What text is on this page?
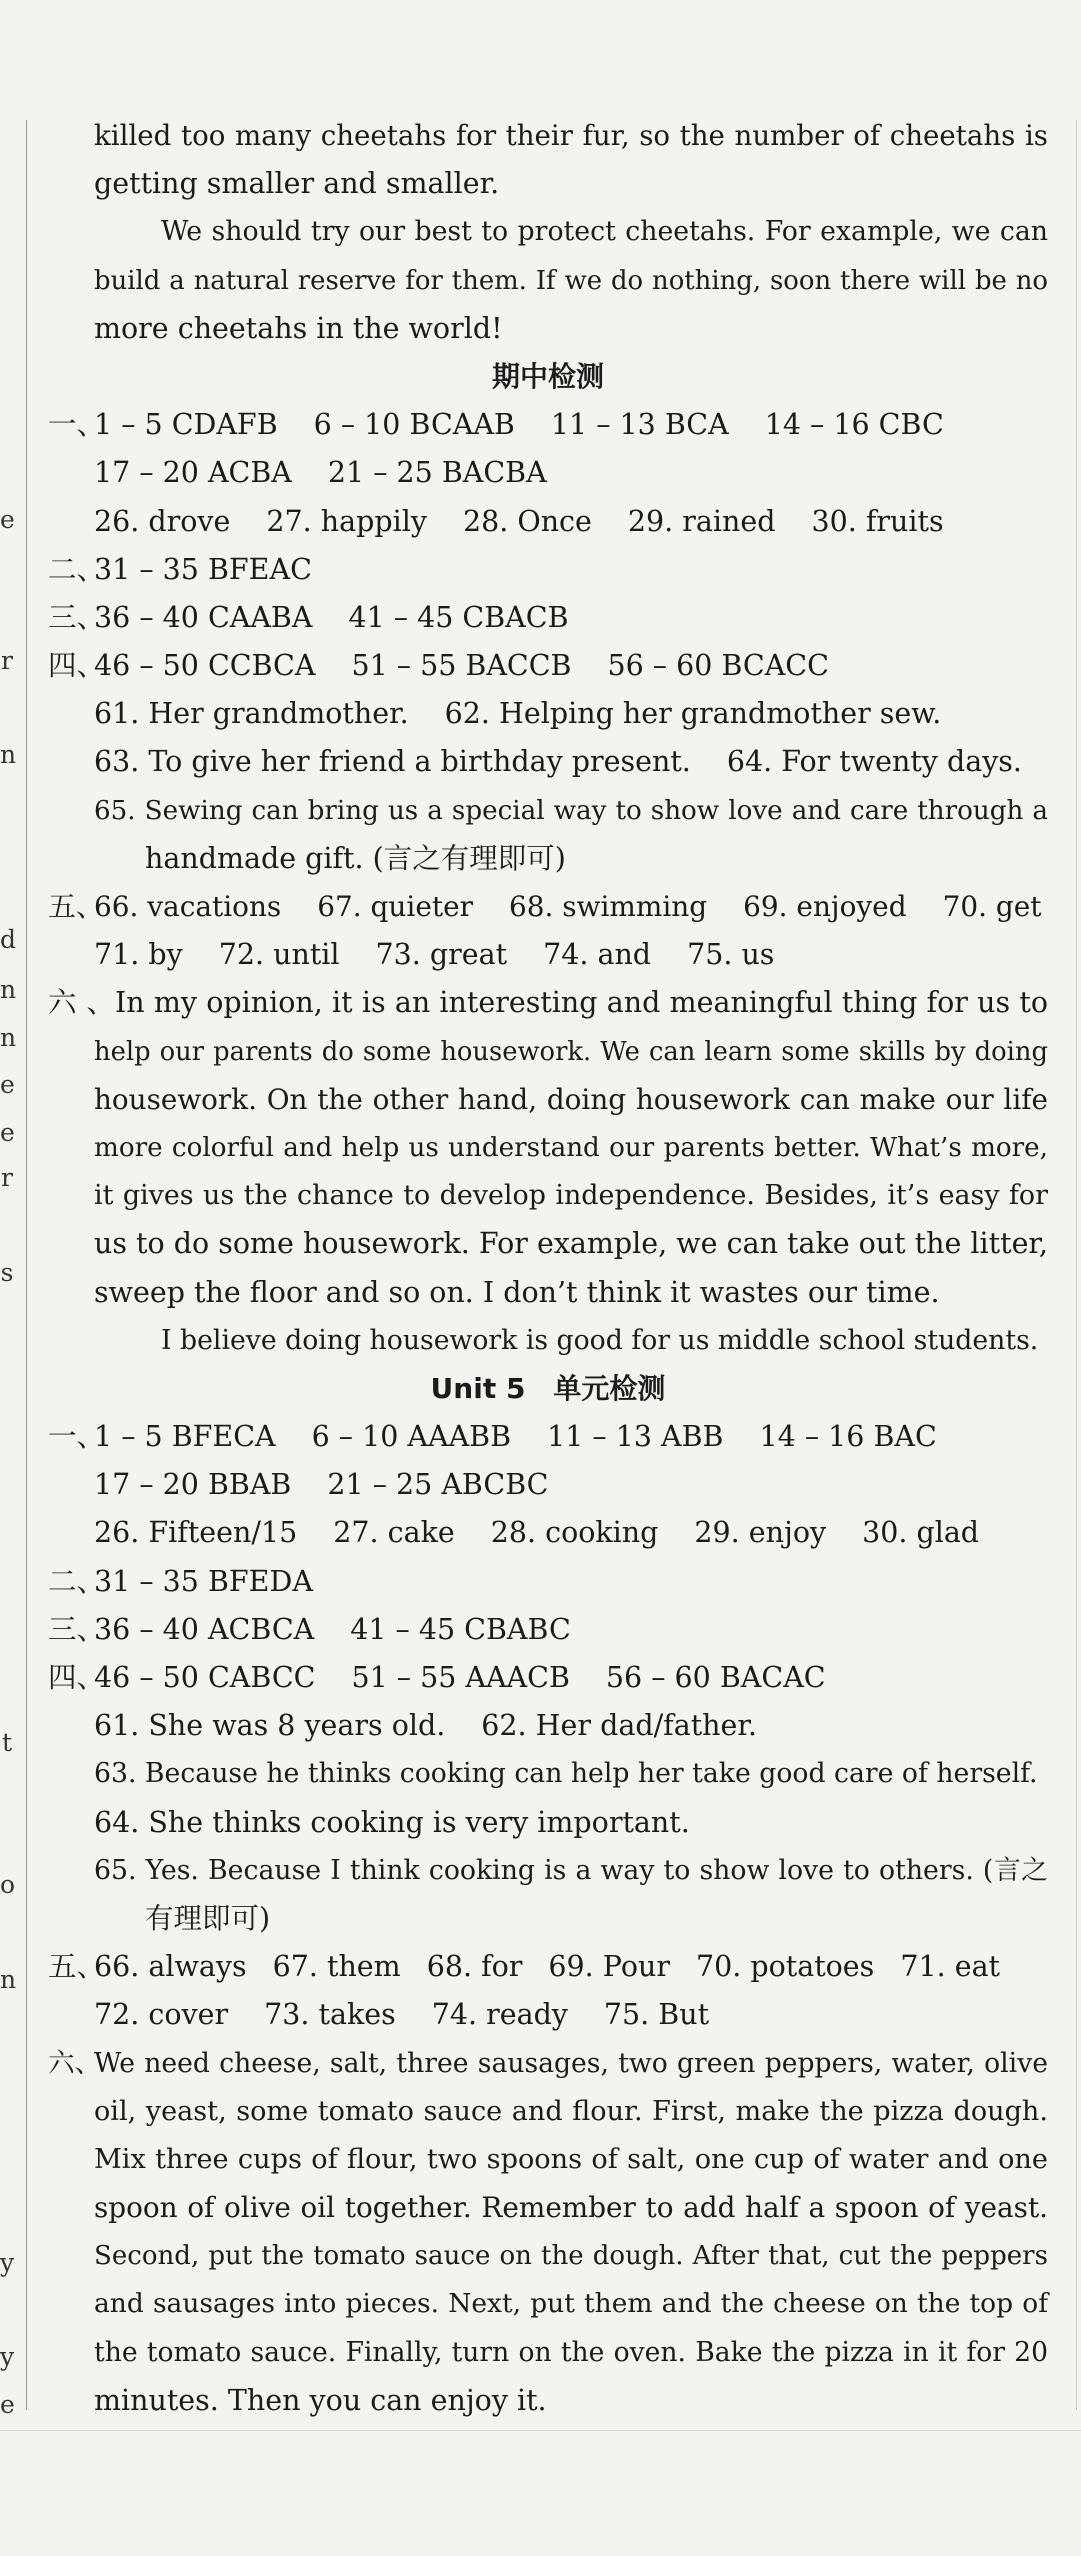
e
r
n
d
n
n
e
e
r
s
t
o
n
y
y
e
killed too many cheetahs for their fur, so the number of cheetahs is
getting smaller and smaller.
We should try our best to protect cheetahs. For example, we can
build a natural reserve for them. If we do nothing, soon there will be no
more cheetahs in the world!
期中检测
一、1 – 5 CDAFB 6 – 10 BCAAB 11 – 13 BCA 14 – 16 CBC
17 – 20 ACBA 21 – 25 BACBA
26. drove 27. happily 28. Once 29. rained 30. fruits
二、31 – 35 BFEAC
三、36 – 40 CAABA 41 – 45 CBACB
四、46 – 50 CCBCA 51 – 55 BACCB 56 – 60 BCACC
61. Her grandmother. 62. Helping her grandmother sew.
63. To give her friend a birthday present. 64. For twenty days.
65. Sewing can bring us a special way to show love and care through a
handmade gift. (言之有理即可)
五、66. vacations 67. quieter 68. swimming 69. enjoyed 70. get
71. by 72. until 73. great 74. and 75. us
六、In my opinion, it is an interesting and meaningful thing for us to
help our parents do some housework. We can learn some skills by doing
housework. On the other hand, doing housework can make our life
more colorful and help us understand our parents better. What’s more,
it gives us the chance to develop independence. Besides, it’s easy for
us to do some housework. For example, we can take out the litter,
sweep the floor and so on. I don’t think it wastes our time.
I believe doing housework is good for us middle school students.
Unit 5　单元检测
一、1 – 5 BFECA 6 – 10 AAABB 11 – 13 ABB 14 – 16 BAC
17 – 20 BBAB 21 – 25 ABCBC
26. Fifteen/15 27. cake 28. cooking 29. enjoy 30. glad
二、31 – 35 BFEDA
三、36 – 40 ACBCA 41 – 45 CBABC
四、46 – 50 CABCC 51 – 55 AAACB 56 – 60 BACAC
61. She was 8 years old. 62. Her dad/father.
63. Because he thinks cooking can help her take good care of herself.
64. She thinks cooking is very important.
65. Yes. Because I think cooking is a way to show love to others. (言之
有理即可)
五、66. always 67. them 68. for 69. Pour 70. potatoes 71. eat
72. cover 73. takes 74. ready 75. But
六、We need cheese, salt, three sausages, two green peppers, water, olive
oil, yeast, some tomato sauce and flour. First, make the pizza dough.
Mix three cups of flour, two spoons of salt, one cup of water and one
spoon of olive oil together. Remember to add half a spoon of yeast.
Second, put the tomato sauce on the dough. After that, cut the peppers
and sausages into pieces. Next, put them and the cheese on the top of
the tomato sauce. Finally, turn on the oven. Bake the pizza in it for 20
minutes. Then you can enjoy it.
